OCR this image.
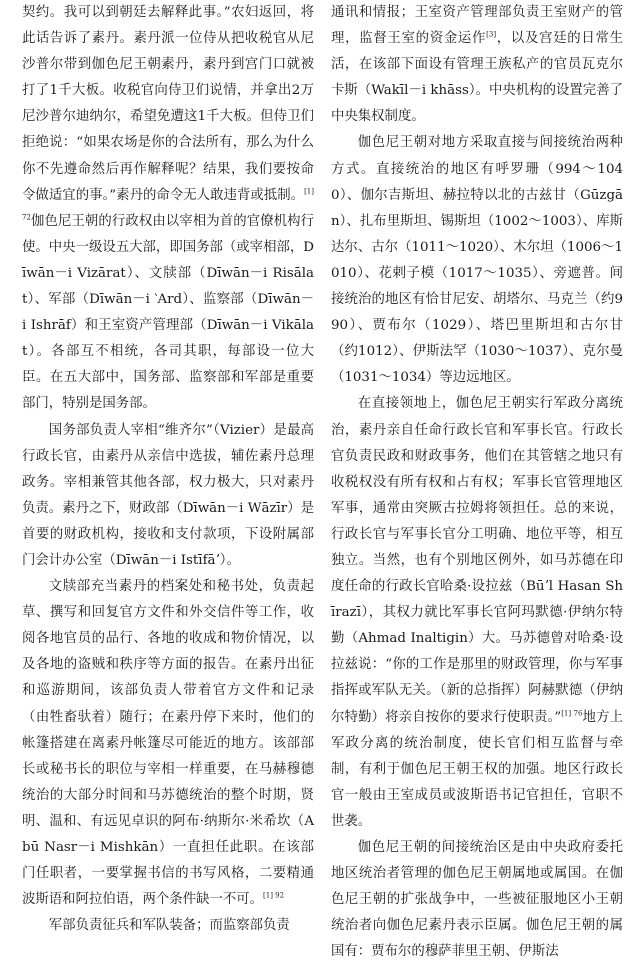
契约。我可以到朝廷去解释此事。”农妇返回，将此话告诉了素丹。素丹派一位侍从把收税官从尼沙普尔带到伽色尼王朝素丹，素丹到宫门口就被打了1千大板。收税官向侍卫们说情，并拿出2万尼沙普尔迪纳尔，希望免遭这1千大板。但侍卫们拒绝说：“如果农场是你的合法所有，那么为什么你不先遵命然后再作解释呢？结果，我们要按命令做适宜的事。”素丹的命令无人敢违背或抵制。$^{[1] 72}$伽色尼王朝的行政权由以宰相为首的官僚机构行使。中央一级设五大部，即国务部（或宰相部，Dīwān－i Vizārat）、文牍部（Dīwān－i Risālat）、军部（Dīwān－i ‵Ard）、监察部（Dīwān－i Ishrāf）和王室资产管理部（Dīwān－i Vikālat）。各部互不相统，各司其职，每部设一位大臣。在五大部中，国务部、监察部和军部是重要部门，特别是国务部。

国务部负责人宰相“维齐尔”（Vizier）是最高行政长官，由素丹从亲信中选拔，辅佐素丹总理政务。宰相兼管其他各部，权力极大，只对素丹负责。素丹之下，财政部（Dīwān－i Wāzīr）是首要的财政机构，接收和支付款项，下设附属部门会计办公室（Dīwān－i Istīfāʼ）。

文牍部充当素丹的档案处和秘书处，负责起草、撰写和回复官方文件和外交信件等工作，收阅各地官员的品行、各地的收成和物价情况，以及各地的盗贼和秩序等方面的报告。在素丹出征和巡游期间，该部负责人带着官方文件和记录（由牲畜驮着）随行；在素丹停下来时，他们的帐篷搭建在离素丹帐篷尽可能近的地方。该部部长或秘书长的职位与宰相一样重要，在马赫穆德统治的大部分时间和马苏德统治的整个时期，贤明、温和、有远见卓识的阿布·纳斯尔·米希坎（Abū Nasr－i Mishkān）一直担任此职。在该部门任职者，一要掌握书信的书写风格，二要精通波斯语和阿拉伯语，两个条件缺一不可。$^{[1] 92}$

军部负责征兵和军队装备；而监察部负责

通讯和情报；王室资产管理部负责王室财产的管理，监督王室的资金运作[3]，以及宫廷的日常生活，在该部下面设有管理王族私产的官员瓦克尔卡斯（Wakīl－i khāss）。中央机构的设置完善了中央集权制度。

伽色尼王朝对地方采取直接与间接统治两种方式。直接统治的地区有呼罗珊（994～1040）、伽尔吉斯坦、赫拉特以北的古兹甘（Gūzgān）、扎布里斯坦、锡斯坦（1002～1003）、库斯达尔、古尔（1011～1020）、木尔坦（1006～1010）、花剌子模（1017～1035）、旁遮普。间接统治的地区有恰甘尼安、胡塔尔、马克兰（约990）、贾布尔（1029）、塔巴里斯坦和古尔甘（约1012）、伊斯法罕（1030～1037）、克尔曼（1031～1034）等边远地区。

在直接领地上，伽色尼王朝实行军政分离统治，素丹亲自任命行政长官和军事长官。行政长官负责民政和财政事务，他们在其管辖之地只有收税权没有所有权和占有权；军事长官管理地区军事，通常由突厥古拉姆将领担任。总的来说，行政长官与军事长官分工明确、地位平等，相互独立。当然，也有个别地区例外，如马苏德在印度任命的行政长官哈桑·设拉兹（Būʼl Hasan Shīrazī），其权力就比军事长官阿玛默德·伊纳尔特勤（Ahmad Inaltigin）大。马苏德曾对哈桑·设拉兹说：“你的工作是那里的财政管理，你与军事指挥或军队无关。（新的总指挥）阿赫默德（伊纳尔特勤）将亲自按你的要求行使职责。”$^{[1] 76}$地方上军政分离的统治制度，使长官们相互监督与牵制，有利于伽色尼王朝王权的加强。地区行政长官一般由王室成员或波斯语书记官担任，官职不世袭。

伽色尼王朝的间接统治区是由中央政府委托地区统治者管理的伽色尼王朝属地或属国。在伽色尼王朝的扩张战争中，一些被征服地区小王朝统治者向伽色尼素丹表示臣属。伽色尼王朝的属国有：贾布尔的穆萨菲里王朝、伊斯法
